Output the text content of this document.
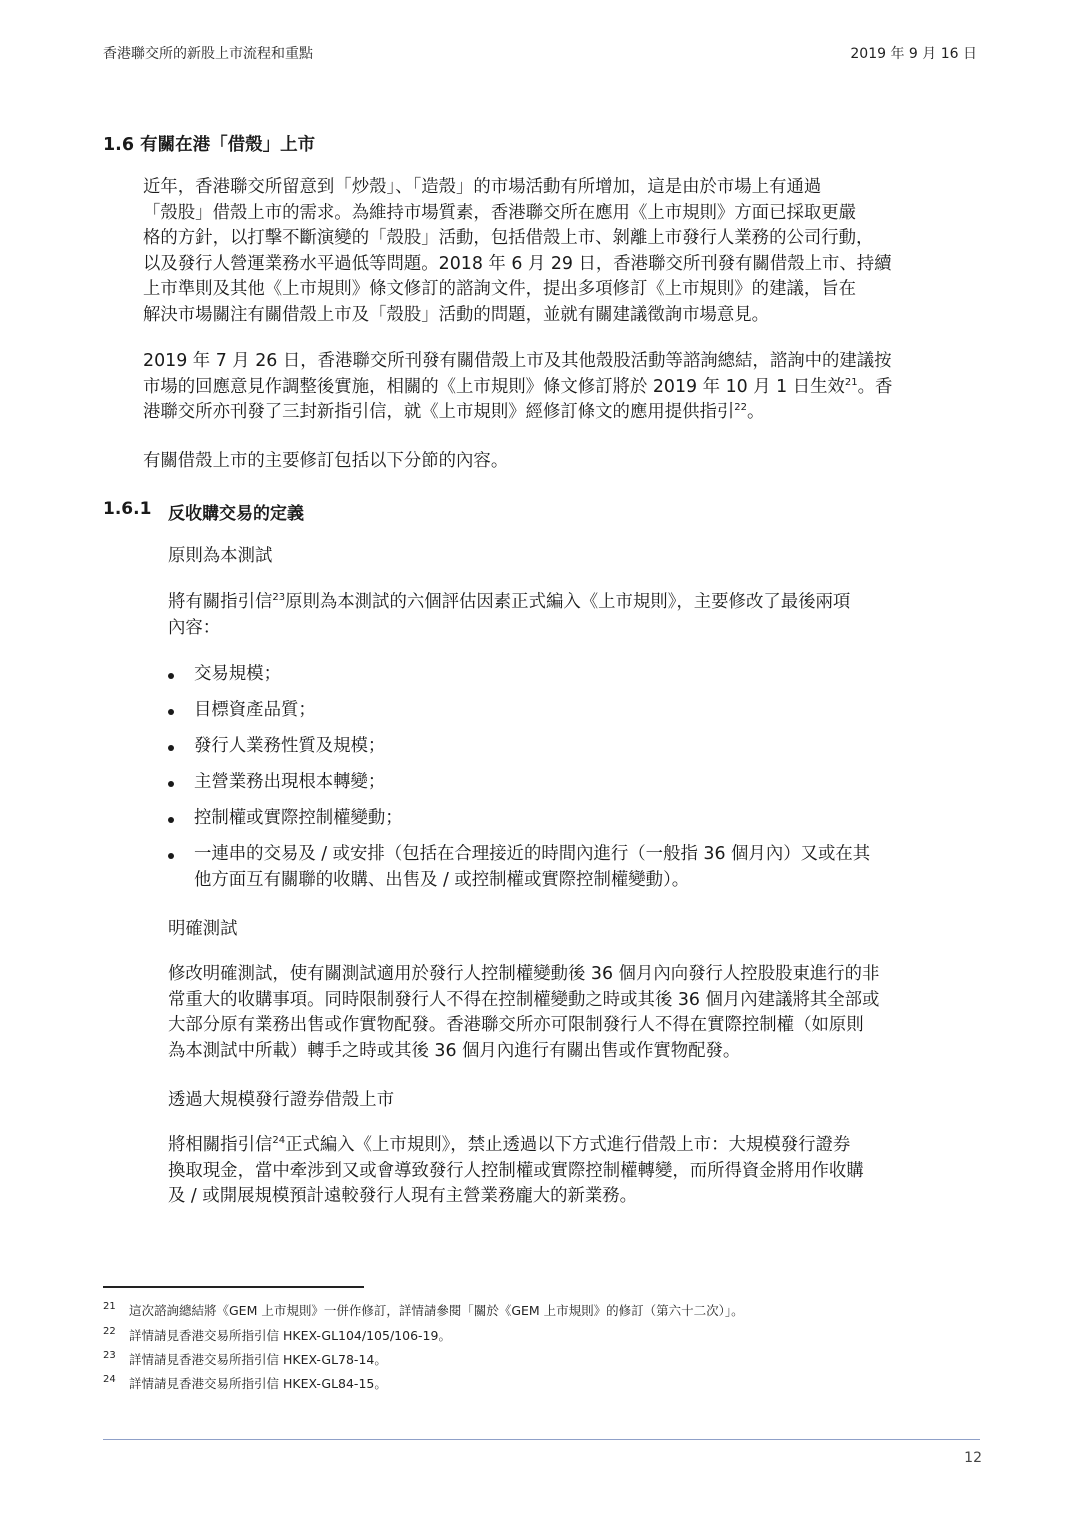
香港聯交所的新股上市流程和重點	2019 年 9 月 16 日
1.6 有關在港「借殼」上市

近年，香港聯交所留意到「炒殼」、「造殼」的市場活動有所增加，這是由於市場上有通過
「殼股」借殼上市的需求。為維持市場質素，香港聯交所在應用《上市規則》方面已採取更嚴
格的方針，以打擊不斷演變的「殼股」活動，包括借殼上市、剝離上市發行人業務的公司行動，
以及發行人營運業務水平過低等問題。2018 年 6 月 29 日，香港聯交所刊發有關借殼上市、持續
上市準則及其他《上市規則》條文修訂的諮詢文件，提出多項修訂《上市規則》的建議，旨在
解決市場關注有關借殼上市及「殼股」活動的問題，並就有關建議徵詢市場意見。

2019 年 7 月 26 日，香港聯交所刊發有關借殼上市及其他殼股活動等諮詢總結，諮詢中的建議按
市場的回應意見作調整後實施，相關的《上市規則》條文修訂將於 2019 年 10 月 1 日生效$^{21}$。香
港聯交所亦刊發了三封新指引信，就《上市規則》經修訂條文的應用提供指引$^{22}$。

有關借殼上市的主要修訂包括以下分節的內容。

1.6.1 反收購交易的定義
原則為本測試

將有關指引信$^{23}$原則為本測試的六個評估因素正式編入《上市規則》，主要修改了最後兩項
內容：

交易規模；
目標資產品質；
發行人業務性質及規模；
主營業務出現根本轉變；
控制權或實際控制權變動；
一連串的交易及 / 或安排（包括在合理接近的時間內進行（一般指 36 個月內）又或在其
他方面互有關聯的收購、出售及 / 或控制權或實際控制權變動）。
明確測試

修改明確測試，使有關測試適用於發行人控制權變動後 36 個月內向發行人控股股東進行的非
常重大的收購事項。同時限制發行人不得在控制權變動之時或其後 36 個月內建議將其全部或
大部分原有業務出售或作實物配發。香港聯交所亦可限制發行人不得在實際控制權（如原則
為本測試中所載）轉手之時或其後 36 個月內進行有關出售或作實物配發。

透過大規模發行證券借殼上市

將相關指引信$^{24}$正式編入《上市規則》，禁止透過以下方式進行借殼上市：大規模發行證券
換取現金，當中牽涉到又或會導致發行人控制權或實際控制權轉變，而所得資金將用作收購
及 / 或開展規模預計遠較發行人現有主營業務龐大的新業務。

21 這次諮詢總結將《GEM 上市規則》一併作修訂，詳情請參閱「關於《GEM 上市規則》的修訂（第六十二次）」。
22 詳情請見香港交易所指引信 HKEX-GL104/105/106-19。
23 詳情請見香港交易所指引信 HKEX-GL78-14。
24 詳情請見香港交易所指引信 HKEX-GL84-15。
12
